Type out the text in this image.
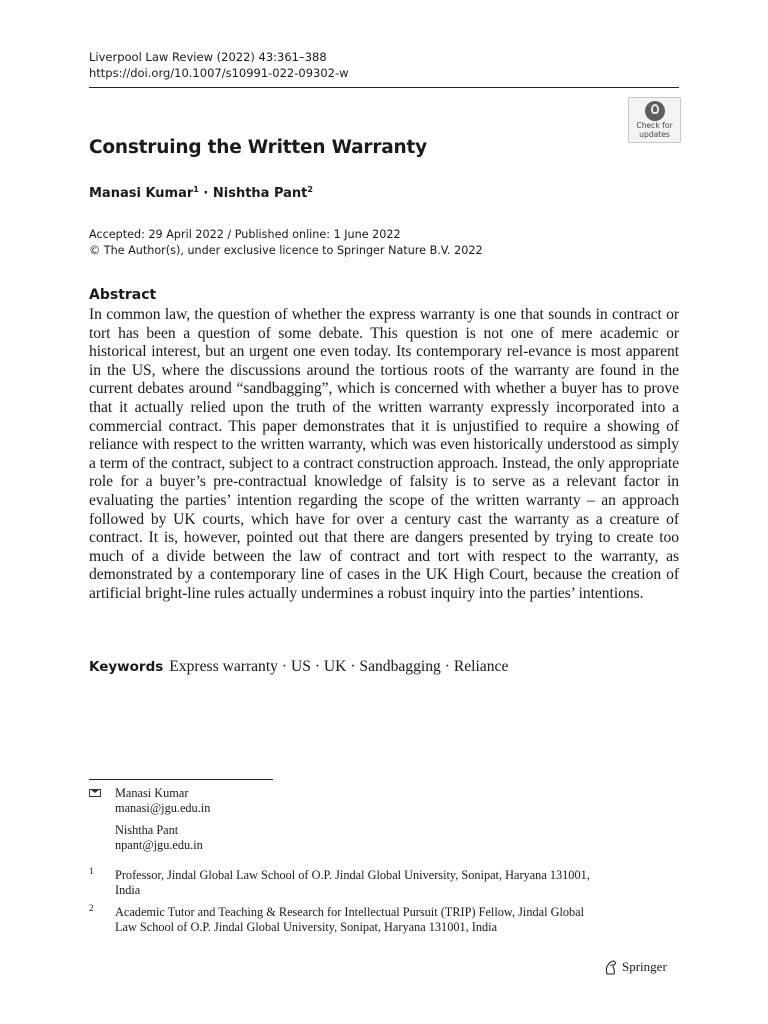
Liverpool Law Review (2022) 43:361–388
https://doi.org/10.1007/s10991-022-09302-w
Check for
updates
Construing the Written Warranty
Manasi Kumar$^1$ · Nishtha Pant$^2$
Accepted: 29 April 2022 / Published online: 1 June 2022
© The Author(s), under exclusive licence to Springer Nature B.V. 2022
Abstract
In common law, the question of whether the express warranty is one that sounds in contract or tort has been a question of some debate. This question is not one of mere academic or historical interest, but an urgent one even today. Its contemporary rel-evance is most apparent in the US, where the discussions around the tortious roots of the warranty are found in the current debates around “sandbagging”, which is concerned with whether a buyer has to prove that it actually relied upon the truth of the written warranty expressly incorporated into a commercial contract. This paper demonstrates that it is unjustified to require a showing of reliance with respect to the written warranty, which was even historically understood as simply a term of the contract, subject to a contract construction approach. Instead, the only appropriate role for a buyer’s pre-contractual knowledge of falsity is to serve as a relevant factor in evaluating the parties’ intention regarding the scope of the written warranty – an approach followed by UK courts, which have for over a century cast the warranty as a creature of contract. It is, however, pointed out that there are dangers presented by trying to create too much of a divide between the law of contract and tort with respect to the warranty, as demonstrated by a contemporary line of cases in the UK High Court, because the creation of artificial bright-line rules actually undermines a robust inquiry into the parties’ intentions.
Keywords Express warranty · US · UK · Sandbagging · Reliance
Manasi Kumar
manasi@jgu.edu.in
Nishtha Pant
npant@jgu.edu.in
1 Professor, Jindal Global Law School of O.P. Jindal Global University, Sonipat, Haryana 131001,
India
2 Academic Tutor and Teaching & Research for Intellectual Pursuit (TRIP) Fellow, Jindal Global
Law School of O.P. Jindal Global University, Sonipat, Haryana 131001, India
Springer
